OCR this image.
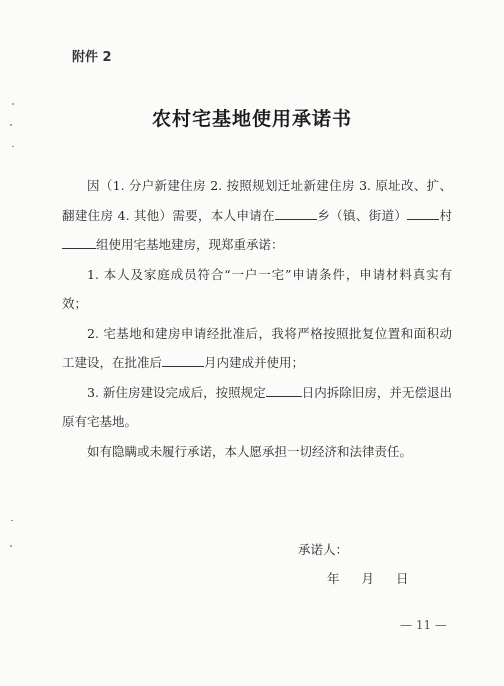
附件 2
农村宅基地使用承诺书

因（1. 分户新建住房 2. 按照规划迁址新建住房 3. 原址改、扩、翻建住房 4. 其他）需要，本人申请在	乡（镇、街道）	村组使用宅基地建房，现郑重承诺：

1. 本人及家庭成员符合“一户一宅”申请条件，申请材料真实有效；

2. 宅基地和建房申请经批准后，我将严格按照批复位置和面积动工建设，在批准后	月内建成并使用；

3. 新住房建设完成后，按照规定	日内拆除旧房，并无偿退出原有宅基地。

如有隐瞒或未履行承诺，本人愿承担一切经济和法律责任。

承诺人：
年 月 日
— 11 —
